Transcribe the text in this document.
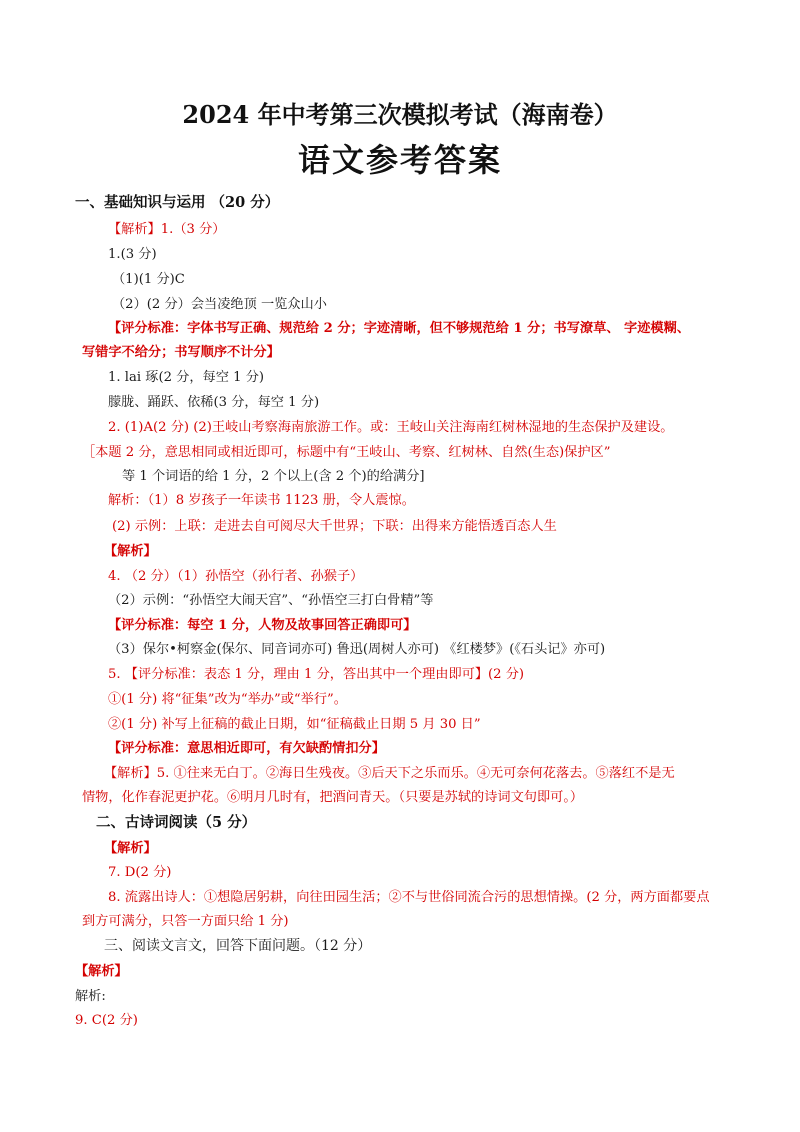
2024 年中考第三次模拟考试（海南卷）
语文参考答案
一、基础知识与运用 （20 分）
【解析】1.（3 分）
1.(3 分)
（1)(1 分)C
（2）(2 分）会当凌绝顶 一览众山小
【评分标准：字体书写正确、规范给 2 分；字迹清晰，但不够规范给 1 分；书写潦草、 字迹模糊、
写错字不给分；书写顺序不计分】
1. lai 琢(2 分，每空 1 分)
朦胧、踊跃、依稀(3 分，每空 1 分)
2. (1)A(2 分) (2)王岐山考察海南旅游工作。或：王岐山关注海南红树林湿地的生态保护及建设。
［本题 2 分，意思相同或相近即可，标题中有“王岐山、考察、红树林、自然(生态)保护区”
等 1 个词语的给 1 分，2 个以上(含 2 个)的给满分]
解析：（1）8 岁孩子一年读书 1123 册，令人震惊。
(2) 示例：上联：走进去自可阅尽大千世界；下联：出得来方能悟透百态人生
【解析】
4. （2 分）（1）孙悟空（孙行者、孙猴子）
（2）示例：“孙悟空大闹天宫”、“孙悟空三打白骨精”等
【评分标准：每空 1 分，人物及故事回答正确即可】
（3）保尔•柯察金(保尔、同音词亦可) 鲁迅(周树人亦可) 《红楼梦》(《石头记》亦可)
5. 【评分标准：表态 1 分，理由 1 分，答出其中一个理由即可】(2 分)
①(1 分) 将“征集”改为“举办”或“举行”。
②(1 分) 补写上征稿的截止日期，如“征稿截止日期 5 月 30 日”
【评分标准：意思相近即可，有欠缺酌情扣分】
【解析】5. ①往来无白丁。②海日生残夜。③后天下之乐而乐。④无可奈何花落去。⑤落红不是无
情物，化作春泥更护花。⑥明月几时有，把酒问青天。（只要是苏轼的诗词文句即可。）
二、古诗词阅读（5 分）
【解析】
7. D(2 分)
8. 流露出诗人：①想隐居躬耕，向往田园生活；②不与世俗同流合污的思想情操。(2 分，两方面都要点
到方可满分，只答一方面只给 1 分)
三、阅读文言文，回答下面问题。（12 分）
【解析】
解析:
9. C(2 分)
